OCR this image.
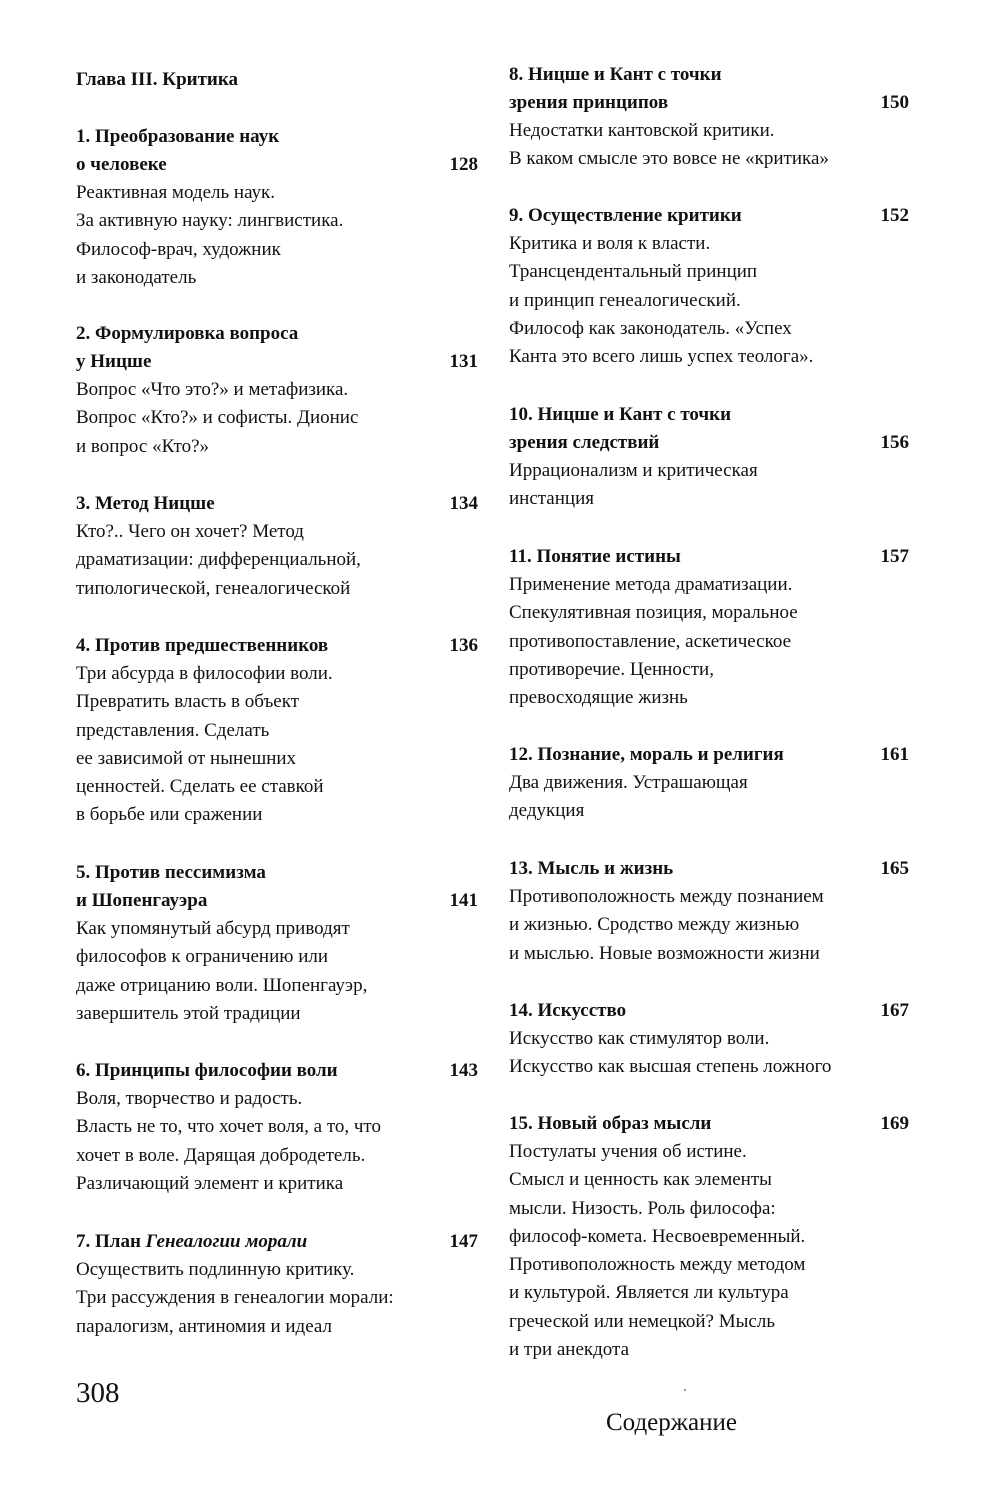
Глава III. Критика
1. Преобразование наук
о человеке	128
Реактивная модель наук.
За активную науку: лингвистика.
Философ-врач, художник
и законодатель
2. Формулировка вопроса
у Ницше	131
Вопрос «Что это?» и метафизика.
Вопрос «Кто?» и софисты. Дионис
и вопрос «Кто?»
3. Метод Ницше	134
Кто?.. Чего он хочет? Метод
драматизации: дифференциальной,
типологической, генеалогической
4. Против предшественников	136
Три абсурда в философии воли.
Превратить власть в объект
представления. Сделать
ее зависимой от нынешних
ценностей. Сделать ее ставкой
в борьбе или сражении
5. Против пессимизма
и Шопенгауэра	141
Как упомянутый абсурд приводят
философов к ограничению или
даже отрицанию воли. Шопенгауэр,
завершитель этой традиции
6. Принципы философии воли	143
Воля, творчество и радость.
Власть не то, что хочет воля, а то, что
хочет в воле. Дарящая добродетель.
Различающий элемент и критика
7. План Генеалогии морали	147
Осуществить подлинную критику.
Три рассуждения в генеалогии морали:
паралогизм, антиномия и идеал
8. Ницше и Кант с точки
зрения принципов	150
Недостатки кантовской критики.
В каком смысле это вовсе не «критика»
9. Осуществление критики	152
Критика и воля к власти.
Трансцендентальный принцип
и принцип генеалогический.
Философ как законодатель. «Успех
Канта это всего лишь успех теолога».
10. Ницше и Кант с точки
зрения следствий	156
Иррационализм и критическая
инстанция
11. Понятие истины	157
Применение метода драматизации.
Спекулятивная позиция, моральное
противопоставление, аскетическое
противоречие. Ценности,
превосходящие жизнь
12. Познание, мораль и религия	161
Два движения. Устрашающая
дедукция
13. Мысль и жизнь	165
Противоположность между познанием
и жизнью. Сродство между жизнью
и мыслью. Новые возможности жизни
14. Искусство	167
Искусство как стимулятор воли.
Искусство как высшая степень ложного
15. Новый образ мысли	169
Постулаты учения об истине.
Смысл и ценность как элементы
мысли. Низость. Роль философа:
философ-комета. Несвоевременный.
Противоположность между методом
и культурой. Является ли культура
греческой или немецкой? Мысль
и три анекдота
308
Содержание
